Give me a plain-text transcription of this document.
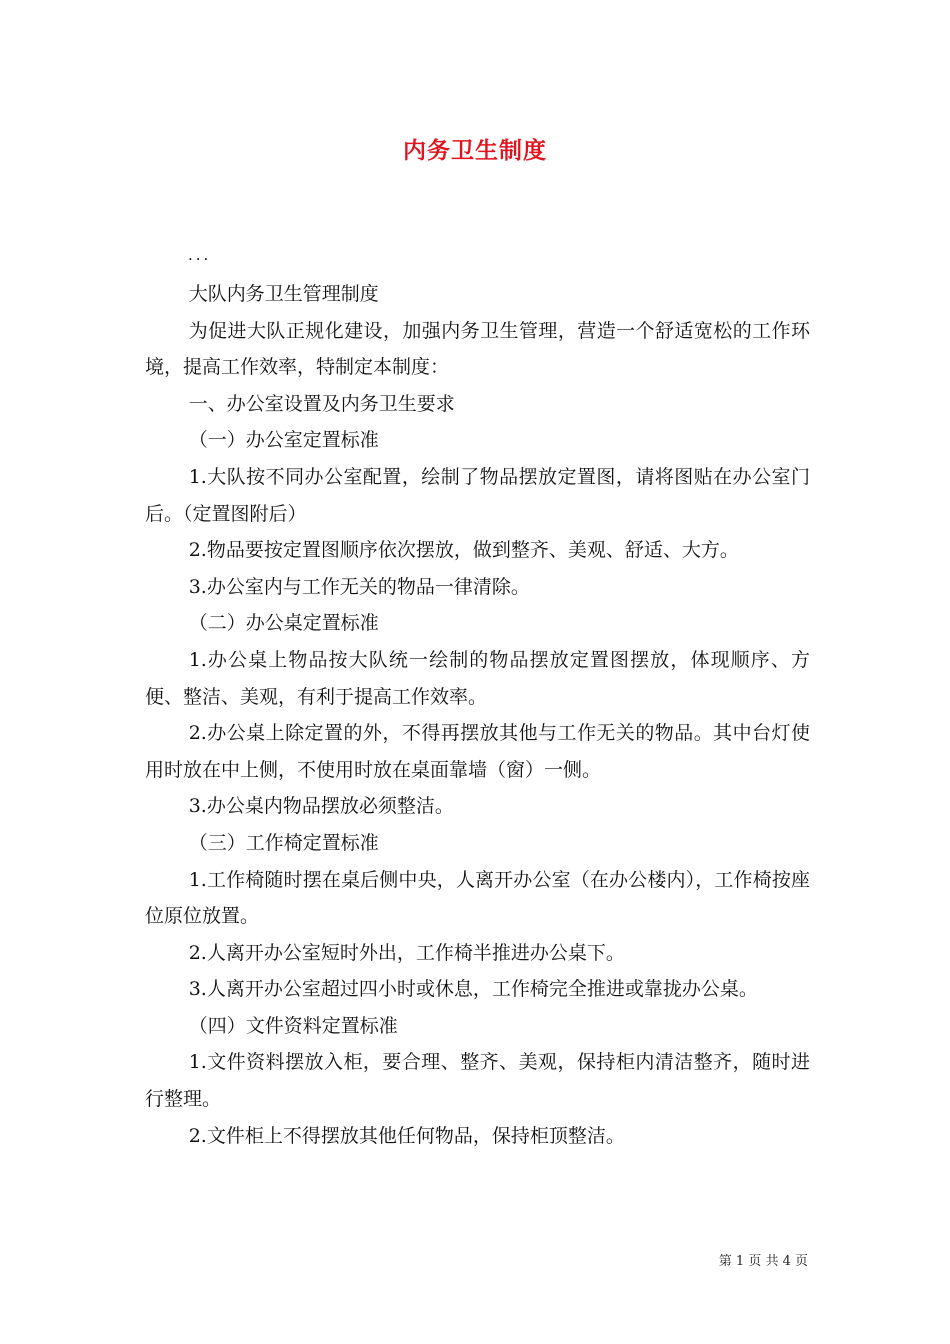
内务卫生制度
...

大队内务卫生管理制度

为促进大队正规化建设，加强内务卫生管理，营造一个舒适宽松的工作环境，提高工作效率，特制定本制度：

一、办公室设置及内务卫生要求

（一）办公室定置标准

1.大队按不同办公室配置，绘制了物品摆放定置图，请将图贴在办公室门后。（定置图附后）

2.物品要按定置图顺序依次摆放，做到整齐、美观、舒适、大方。

3.办公室内与工作无关的物品一律清除。

（二）办公桌定置标准

1.办公桌上物品按大队统一绘制的物品摆放定置图摆放，体现顺序、方便、整洁、美观，有利于提高工作效率。

2.办公桌上除定置的外，不得再摆放其他与工作无关的物品。其中台灯使用时放在中上侧，不使用时放在桌面靠墙（窗）一侧。

3.办公桌内物品摆放必须整洁。

（三）工作椅定置标准

1.工作椅随时摆在桌后侧中央，人离开办公室（在办公楼内），工作椅按座位原位放置。

2.人离开办公室短时外出，工作椅半推进办公桌下。

3.人离开办公室超过四小时或休息，工作椅完全推进或靠拢办公桌。

（四）文件资料定置标准

1.文件资料摆放入柜，要合理、整齐、美观，保持柜内清洁整齐，随时进行整理。

2.文件柜上不得摆放其他任何物品，保持柜顶整洁。

第 1 页 共 4 页
